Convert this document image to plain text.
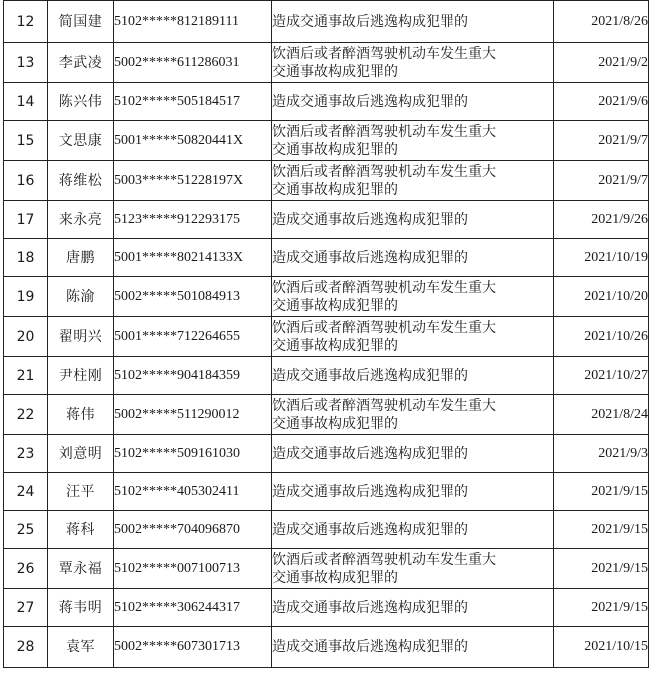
12	简国建	5102*****812189111	造成交通事故后逃逸构成犯罪的	2021/8/26
13	李武凌	5002*****611286031	饮酒后或者醉酒驾驶机动车发生重大
交通事故构成犯罪的	2021/9/2
14	陈兴伟	5102*****505184517	造成交通事故后逃逸构成犯罪的	2021/9/6
15	文思康	5001*****50820441X	饮酒后或者醉酒驾驶机动车发生重大
交通事故构成犯罪的	2021/9/7
16	蒋维松	5003*****51228197X	饮酒后或者醉酒驾驶机动车发生重大
交通事故构成犯罪的	2021/9/7
17	来永亮	5123*****912293175	造成交通事故后逃逸构成犯罪的	2021/9/26
18	唐鹏	5001*****80214133X	造成交通事故后逃逸构成犯罪的	2021/10/19
19	陈渝	5002*****501084913	饮酒后或者醉酒驾驶机动车发生重大
交通事故构成犯罪的	2021/10/20
20	翟明兴	5001*****712264655	饮酒后或者醉酒驾驶机动车发生重大
交通事故构成犯罪的	2021/10/26
21	尹柱刚	5102*****904184359	造成交通事故后逃逸构成犯罪的	2021/10/27
22	蒋伟	5002*****511290012	饮酒后或者醉酒驾驶机动车发生重大
交通事故构成犯罪的	2021/8/24
23	刘意明	5102*****509161030	造成交通事故后逃逸构成犯罪的	2021/9/3
24	汪平	5102*****405302411	造成交通事故后逃逸构成犯罪的	2021/9/15
25	蒋科	5002*****704096870	造成交通事故后逃逸构成犯罪的	2021/9/15
26	覃永福	5102*****007100713	饮酒后或者醉酒驾驶机动车发生重大
交通事故构成犯罪的	2021/9/15
27	蒋韦明	5102*****306244317	造成交通事故后逃逸构成犯罪的	2021/9/15
28	袁军	5002*****607301713	造成交通事故后逃逸构成犯罪的	2021/10/15
